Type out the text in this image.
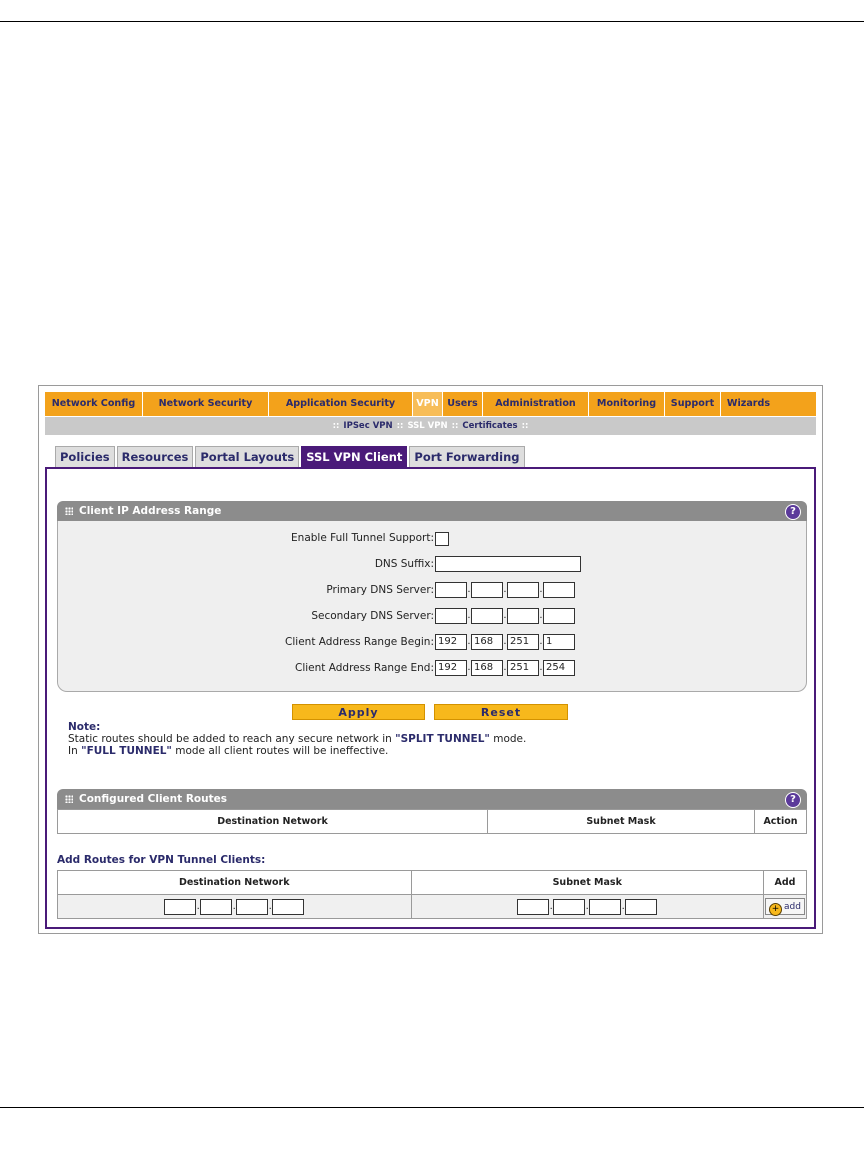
Network Config	Network Security	Application Security	VPN Users	Administration	Monitoring	Support	Wizards
:: IPSec VPN :: SSL VPN :: Certificates ::
Policies	Resources	Portal Layouts	SSL VPN Client	Port Forwarding
Client IP Address Range	?
Enable Full Tunnel Support:
DNS Suffix:
Primary DNS Server:	.	.	.
Secondary DNS Server:	.	.	.
Client Address Range Begin: 192 . 168 . 251 . 1
Client Address Range End: 192 . 168 . 251 . 254
Apply	Reset
Note:
Static routes should be added to reach any secure network in "SPLIT TUNNEL" mode.
In "FULL TUNNEL" mode all client routes will be ineffective.
Configured Client Routes	?
Destination Network	Subnet Mask	Action
Add Routes for VPN Tunnel Clients:
Destination Network	Subnet Mask	Add
. . .	. . .	+ add
